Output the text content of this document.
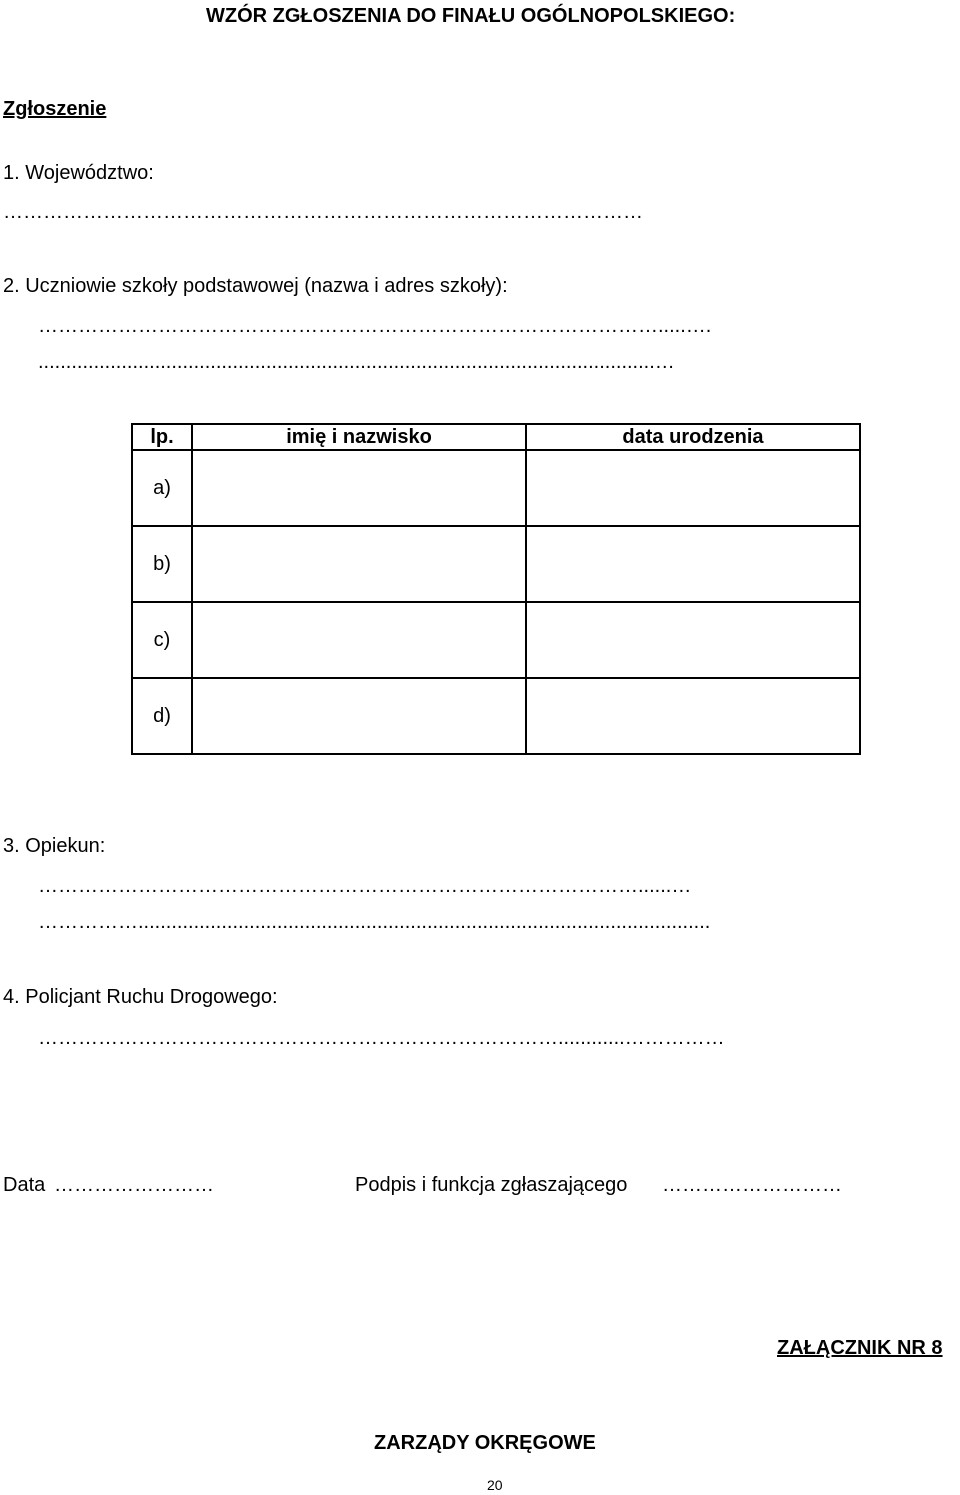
WZÓR ZGŁOSZENIA DO FINAŁU OGÓLNOPOLSKIEGO:
Zgłoszenie
1. Województwo:
……………………………………………………………………………………
2. Uczniowie szkoły podstawowej (nazwa i adres szkoły):
………………………………………………………………………………….....….
...............................................................................................................…
lp.	imię i nazwisko	data urodzenia
a)		
b)		
c)		
d)		
3. Opiekun:
………………………………………………………………………………......…
…………….......................................................................................................
4. Policjant Ruchu Drogowego:
……………………………………………………………………............……………
Data ……………………	Podpis i funkcja zgłaszającego ………………………
ZAŁĄCZNIK NR 8
ZARZĄDY OKRĘGOWE
20
